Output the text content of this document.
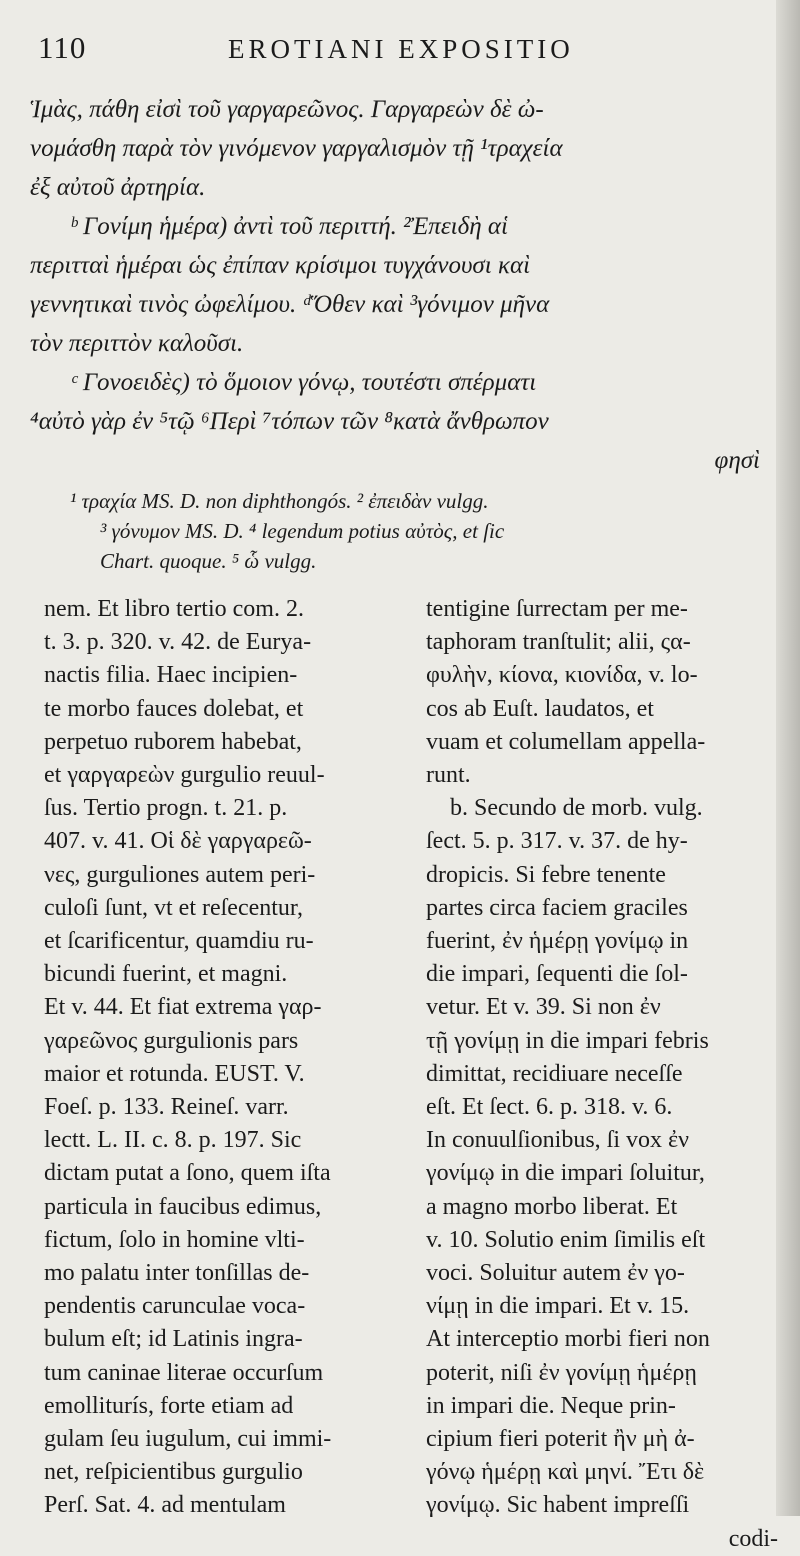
110	EROTIANI EXPOSITIO

Ἱμὰς, πάθη εἰσὶ τοῦ γαργαρεῶνος. Γαργαρεὼν δὲ ὠ-

νομάσθη παρὰ τὸν γινόμενον γαργαλισμὸν τῇ ¹τραχεία

ἐξ αὐτοῦ ἀρτηρία.

ᵇ Γονίμη ἡμέρα) ἀντὶ τοῦ περιττή. ²Ἐπειδὴ αἱ

περιτταὶ ἡμέραι ὡς ἐπίπαν κρίσιμοι τυγχάνουσι καὶ

γεννητικαὶ τινὸς ὠφελίμου. ᵈὍθεν καὶ ³γόνιμον μῆνα

τὸν περιττὸν καλοῦσι.

ᶜ Γονοειδὲς) τὸ ὅμοιον γόνῳ, τουτέστι σπέρματι

⁴αὐτὸ γὰρ ἐν ⁵τῷ ⁶Περὶ ⁷τόπων τῶν ⁸κατὰ ἄνθρωπον

φησὶ

¹ τραχία MS. D. non diphthongós. ² ἐπειδὰν vulgg.

³ γόνυμον MS. D. ⁴ legendum potius αὐτὸς, et ſic

Chart. quoque. ⁵ ὧ vulgg.

nem. Et libro tertio com. 2.

t. 3. p. 320. v. 42. de Eurya-

nactis filia. Haec incipien-

te morbo fauces dolebat, et

perpetuo ruborem habebat,

et γαργαρεὼν gurgulio reuul-

ſus. Tertio progn. t. 21. p.

407. v. 41. Οἱ δὲ γαργαρεῶ-

νες, gurguliones autem peri-

culoſi ſunt, vt et reſecentur,

et ſcarificentur, quamdiu ru-

bicundi fuerint, et magni.

Et v. 44. Et fiat extrema γαρ-

γαρεῶνος gurgulionis pars

maior et rotunda. EUST. V.

Foeſ. p. 133. Reineſ. varr.

lectt. L. II. c. 8. p. 197. Sic

dictam putat a ſono, quem iſta

particula in faucibus edimus,

fictum, ſolo in homine vlti-

mo palatu inter tonſillas de-

pendentis carunculae voca-

bulum eſt; id Latinis ingra-

tum caninae literae occurſum

emolliturís, forte etiam ad

gulam ſeu iugulum, cui immi-

net, reſpicientibus gurgulio

Perſ. Sat. 4. ad mentulam

tentigine ſurrectam per me-

taphoram tranſtulit; alii, ςα-

φυλὴν, κίονα, κιονίδα, v. lo-

cos ab Euſt. laudatos, et

vuam et columellam appella-

runt.

b. Secundo de morb. vulg.

ſect. 5. p. 317. v. 37. de hy-

dropicis. Si febre tenente

partes circa faciem graciles

fuerint, ἐν ἡμέρῃ γονίμῳ in

die impari, ſequenti die ſol-

vetur. Et v. 39. Si non ἐν

τῇ γονίμῃ in die impari febris

dimittat, recidiuare neceſſe

eſt. Et ſect. 6. p. 318. v. 6.

In conuulſionibus, ſi vox ἐν

γονίμῳ in die impari ſoluitur,

a magno morbo liberat. Et

v. 10. Solutio enim ſimilis eſt

voci. Soluitur autem ἐν γο-

νίμῃ in die impari. Et v. 15.

At interceptio morbi fieri non

poterit, niſi ἐν γονίμῃ ἡμέρῃ

in impari die. Neque prin-

cipium fieri poterit ἢν μὴ ἀ-

γόνῳ ἡμέρῃ καὶ μηνί. Ἔτι δὲ

γονίμῳ. Sic habent impreſſi

codi-
